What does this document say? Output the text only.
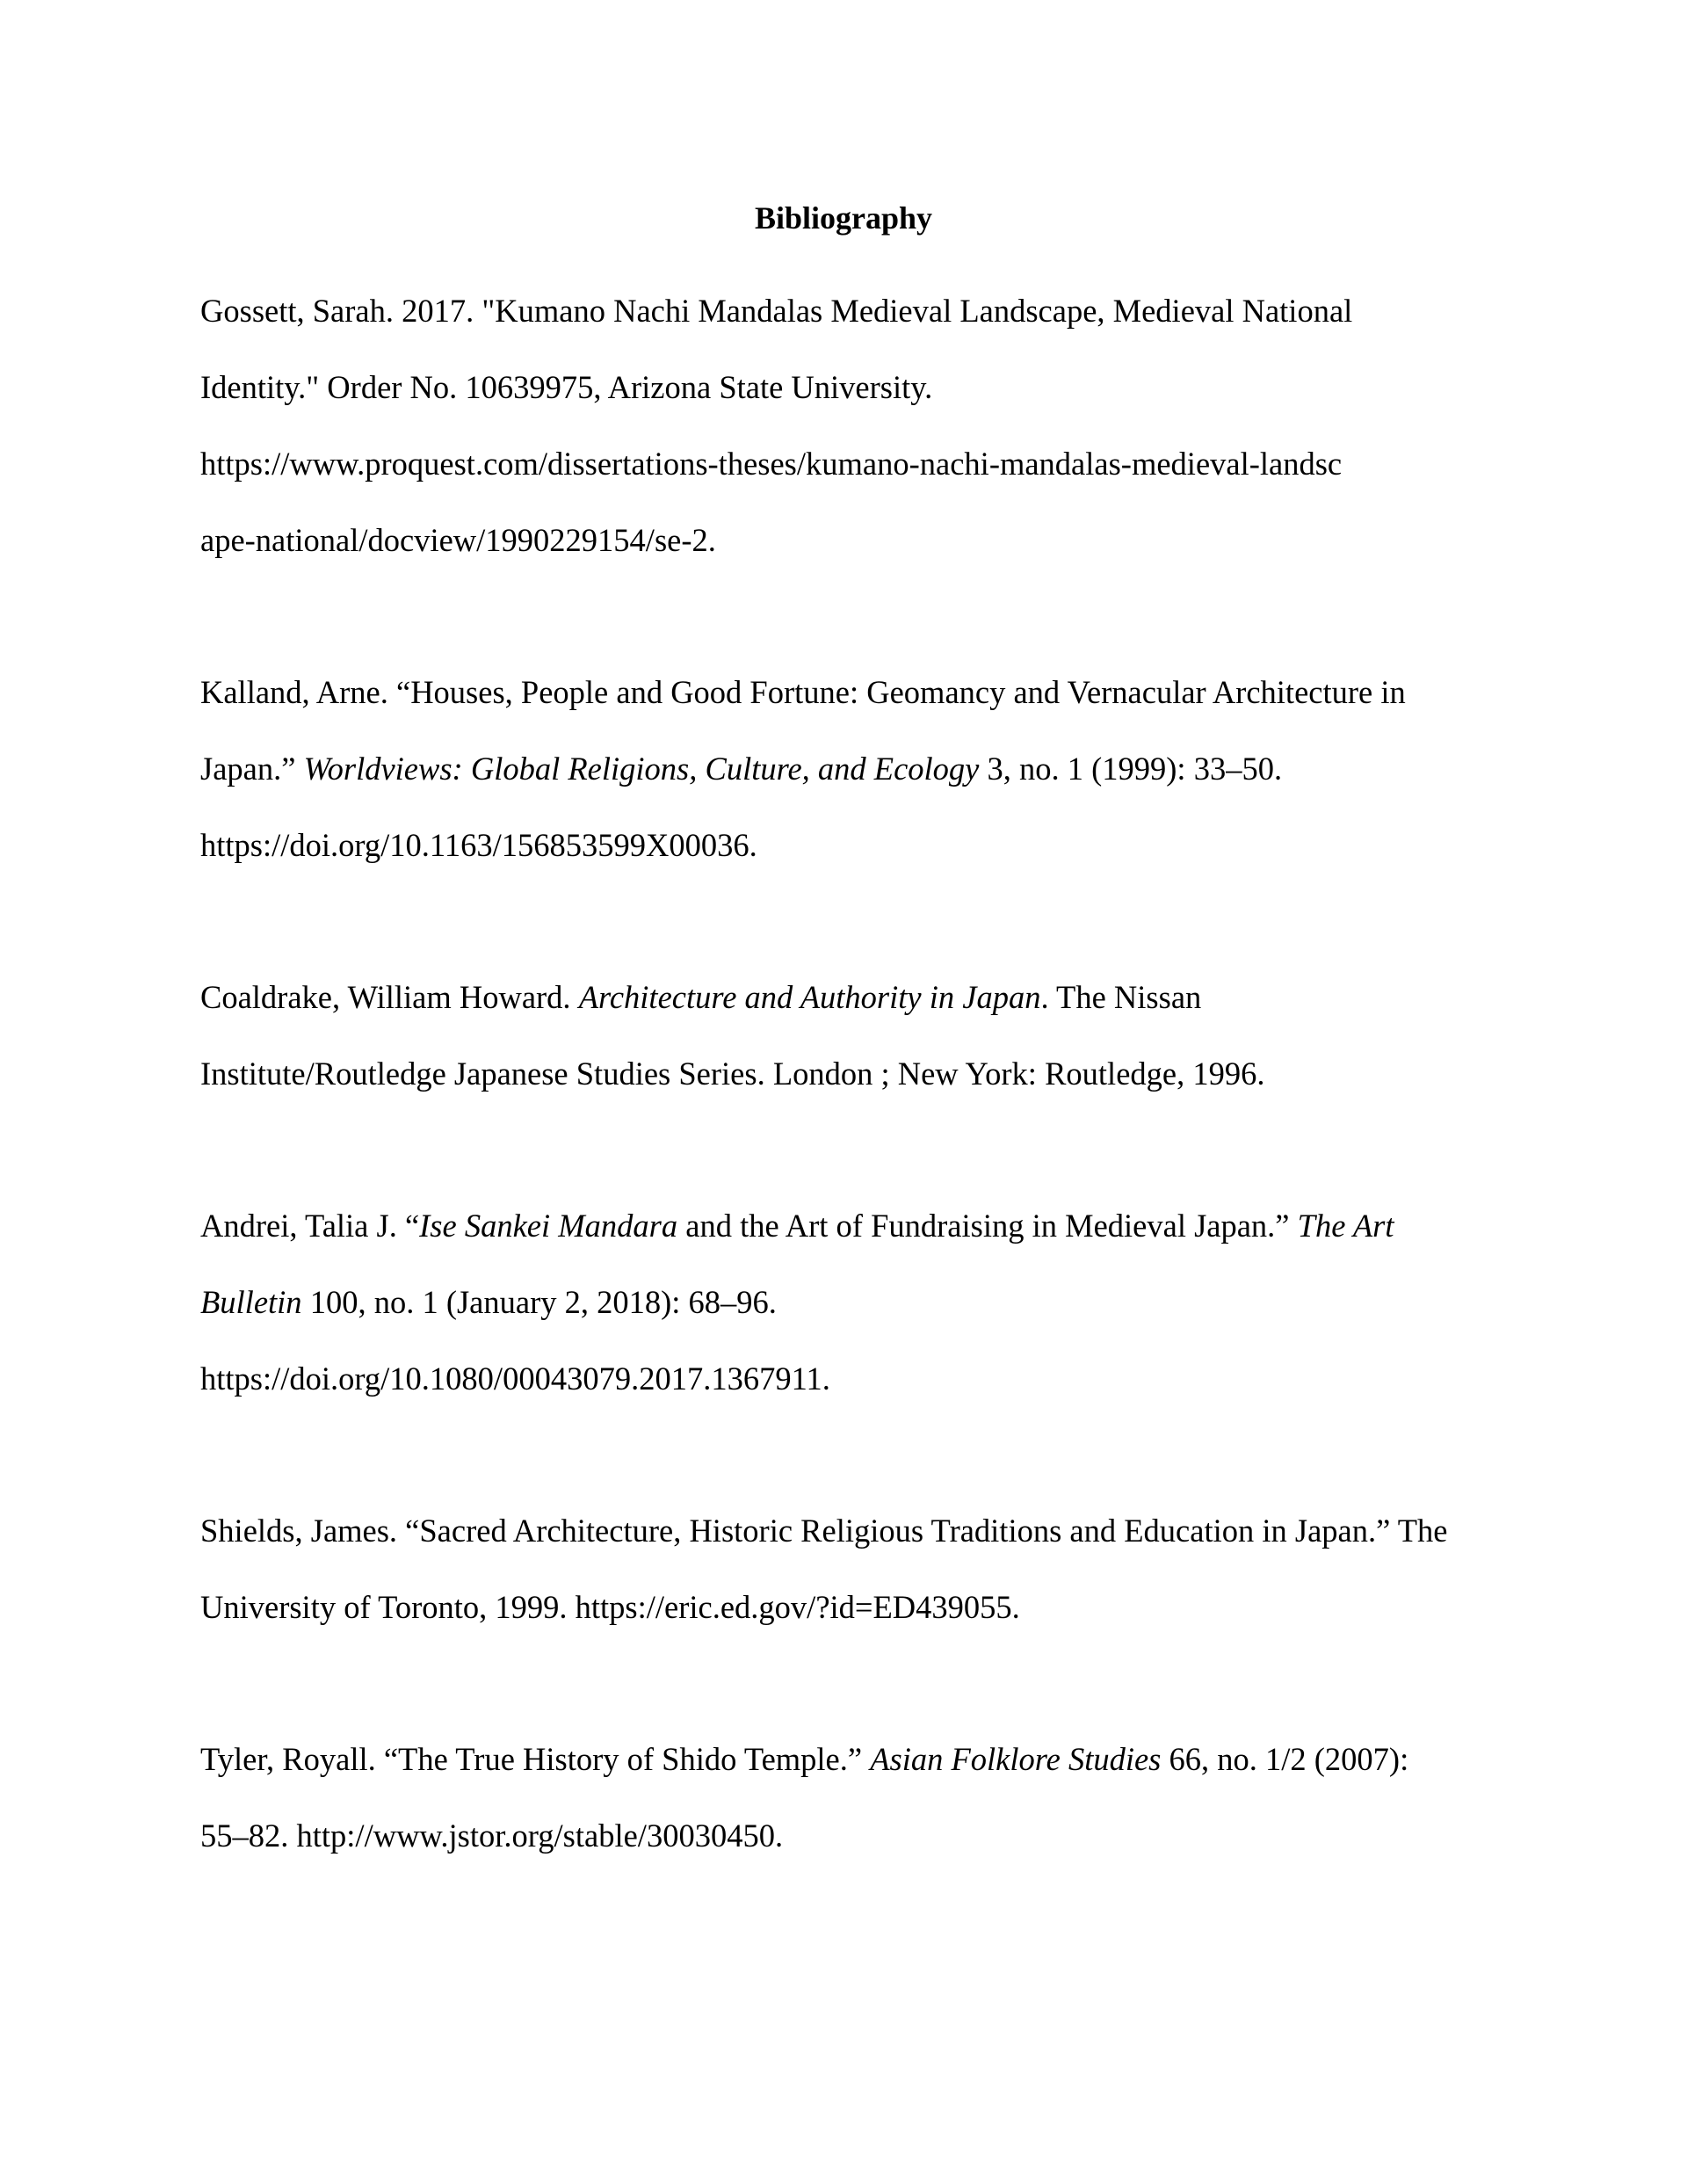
Bibliography

Gossett, Sarah. 2017. "Kumano Nachi Mandalas Medieval Landscape, Medieval National
Identity." Order No. 10639975, Arizona State University.
https://www.proquest.com/dissertations-theses/kumano-nachi-mandalas-medieval-landsc
ape-national/docview/1990229154/se-2.

Kalland, Arne. “Houses, People and Good Fortune: Geomancy and Vernacular Architecture in
Japan.” Worldviews: Global Religions, Culture, and Ecology 3, no. 1 (1999): 33–50.
https://doi.org/10.1163/156853599X00036.

Coaldrake, William Howard. Architecture and Authority in Japan. The Nissan
Institute/Routledge Japanese Studies Series. London ; New York: Routledge, 1996.

Andrei, Talia J. “Ise Sankei Mandara and the Art of Fundraising in Medieval Japan.” The Art
Bulletin 100, no. 1 (January 2, 2018): 68–96.
https://doi.org/10.1080/00043079.2017.1367911.

Shields, James. “Sacred Architecture, Historic Religious Traditions and Education in Japan.” The
University of Toronto, 1999. https://eric.ed.gov/?id=ED439055.

Tyler, Royall. “The True History of Shido Temple.” Asian Folklore Studies 66, no. 1/2 (2007):
55–82. http://www.jstor.org/stable/30030450.
